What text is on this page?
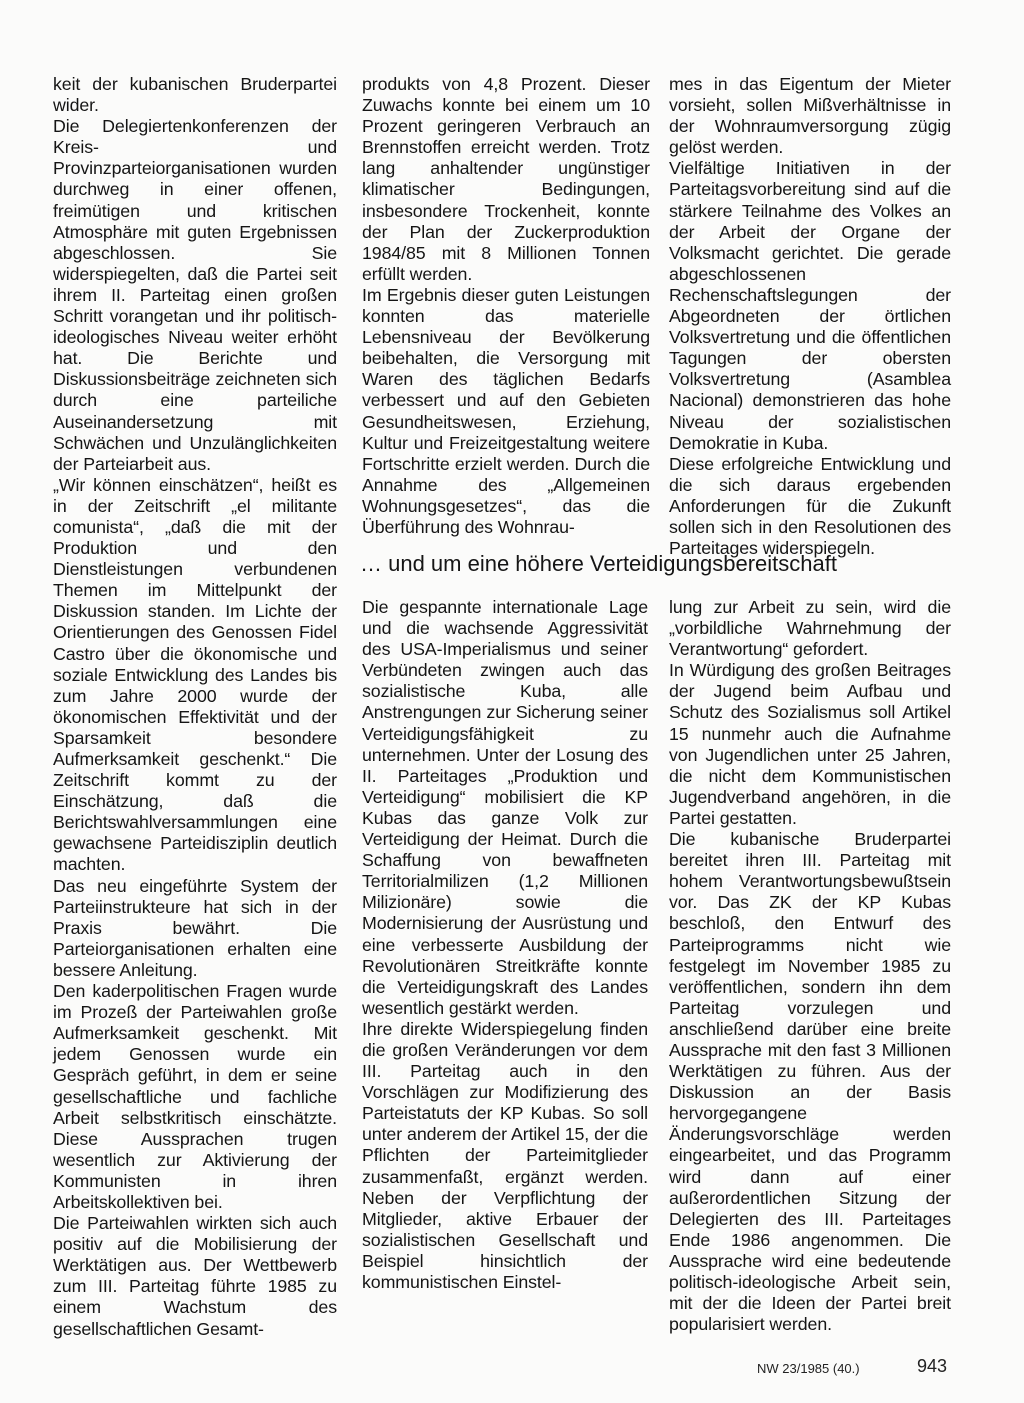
keit der kubanischen Bruderpartei wider.
Die Delegiertenkonferenzen der Kreis- und Provinzparteiorganisationen wurden durchweg in einer offenen, freimütigen und kritischen Atmosphäre mit guten Ergebnissen abgeschlossen. Sie widerspiegelten, daß die Partei seit ihrem II. Parteitag einen großen Schritt vorangetan und ihr politisch-ideologisches Niveau weiter erhöht hat. Die Berichte und Diskussionsbeiträge zeichneten sich durch eine parteiliche Auseinandersetzung mit Schwächen und Unzulänglichkeiten der Parteiarbeit aus.
„Wir können einschätzen“, heißt es in der Zeitschrift „el militante comunista“, „daß die mit der Produktion und den Dienstleistungen verbundenen Themen im Mittelpunkt der Diskussion standen. Im Lichte der Orientierungen des Genossen Fidel Castro über die ökonomische und soziale Entwicklung des Landes bis zum Jahre 2000 wurde der ökonomischen Effektivität und der Sparsamkeit besondere Aufmerksamkeit geschenkt.“ Die Zeitschrift kommt zu der Einschätzung, daß die Berichtswahlversammlungen eine gewachsene Parteidisziplin deutlich machten.
Das neu eingeführte System der Parteiinstrukteure hat sich in der Praxis bewährt. Die Parteiorganisationen erhalten eine bessere Anleitung.
Den kaderpolitischen Fragen wurde im Prozeß der Parteiwahlen große Aufmerksamkeit geschenkt. Mit jedem Genossen wurde ein Gespräch geführt, in dem er seine gesellschaftliche und fachliche Arbeit selbstkritisch einschätzte. Diese Aussprachen trugen wesentlich zur Aktivierung der Kommunisten in ihren Arbeitskollektiven bei.
Die Parteiwahlen wirkten sich auch positiv auf die Mobilisierung der Werktätigen aus. Der Wettbewerb zum III. Parteitag führte 1985 zu einem Wachstum des gesellschaftlichen Gesamt-
produkts von 4,8 Prozent. Dieser Zuwachs konnte bei einem um 10 Prozent geringeren Verbrauch an Brennstoffen erreicht werden. Trotz lang anhaltender ungünstiger klimatischer Bedingungen, insbesondere Trockenheit, konnte der Plan der Zuckerproduktion 1984/85 mit 8 Millionen Tonnen erfüllt werden.
Im Ergebnis dieser guten Leistungen konnten das materielle Lebensniveau der Bevölkerung beibehalten, die Versorgung mit Waren des täglichen Bedarfs verbessert und auf den Gebieten Gesundheitswesen, Erziehung, Kultur und Freizeitgestaltung weitere Fortschritte erzielt werden. Durch die Annahme des „Allgemeinen Wohnungsgesetzes“, das die Überführung des Wohnrau-
mes in das Eigentum der Mieter vorsieht, sollen Mißverhältnisse in der Wohnraumversorgung zügig gelöst werden.
Vielfältige Initiativen in der Parteitagsvorbereitung sind auf die stärkere Teilnahme des Volkes an der Arbeit der Organe der Volksmacht gerichtet. Die gerade abgeschlossenen Rechenschaftslegungen der Abgeordneten der örtlichen Volksvertretung und die öffentlichen Tagungen der obersten Volksvertretung (Asamblea Nacional) demonstrieren das hohe Niveau der sozialistischen Demokratie in Kuba.
Diese erfolgreiche Entwicklung und die sich daraus ergebenden Anforderungen für die Zukunft sollen sich in den Resolutionen des Parteitages widerspiegeln.
… und um eine höhere Verteidigungsbereitschaft
Die gespannte internationale Lage und die wachsende Aggressivität des USA-Imperialismus und seiner Verbündeten zwingen auch das sozialistische Kuba, alle Anstrengungen zur Sicherung seiner Verteidigungsfähigkeit zu unternehmen. Unter der Losung des II. Parteitages „Produktion und Verteidigung“ mobilisiert die KP Kubas das ganze Volk zur Verteidigung der Heimat. Durch die Schaffung von bewaffneten Territorialmilizen (1,2 Millionen Milizionäre) sowie die Modernisierung der Ausrüstung und eine verbesserte Ausbildung der Revolutionären Streitkräfte konnte die Verteidigungskraft des Landes wesentlich gestärkt werden.
Ihre direkte Widerspiegelung finden die großen Veränderungen vor dem III. Parteitag auch in den Vorschlägen zur Modifizierung des Parteistatuts der KP Kubas. So soll unter anderem der Artikel 15, der die Pflichten der Parteimitglieder zusammenfaßt, ergänzt werden. Neben der Verpflichtung der Mitglieder, aktive Erbauer der sozialistischen Gesellschaft und Beispiel hinsichtlich der kommunistischen Einstel-
lung zur Arbeit zu sein, wird die „vorbildliche Wahrnehmung der Verantwortung“ gefordert.
In Würdigung des großen Beitrages der Jugend beim Aufbau und Schutz des Sozialismus soll Artikel 15 nunmehr auch die Aufnahme von Jugendlichen unter 25 Jahren, die nicht dem Kommunistischen Jugendverband angehören, in die Partei gestatten.
Die kubanische Bruderpartei bereitet ihren III. Parteitag mit hohem Verantwortungsbewußtsein vor. Das ZK der KP Kubas beschloß, den Entwurf des Parteiprogramms nicht wie festgelegt im November 1985 zu veröffentlichen, sondern ihn dem Parteitag vorzulegen und anschließend darüber eine breite Aussprache mit den fast 3 Millionen Werktätigen zu führen. Aus der Diskussion an der Basis hervorgegangene Änderungsvorschläge werden eingearbeitet, und das Programm wird dann auf einer außerordentlichen Sitzung der Delegierten des III. Parteitages Ende 1986 angenommen. Die Aussprache wird eine bedeutende politisch-ideologische Arbeit sein, mit der die Ideen der Partei breit popularisiert werden.
NW 23/1985 (40.)	943
